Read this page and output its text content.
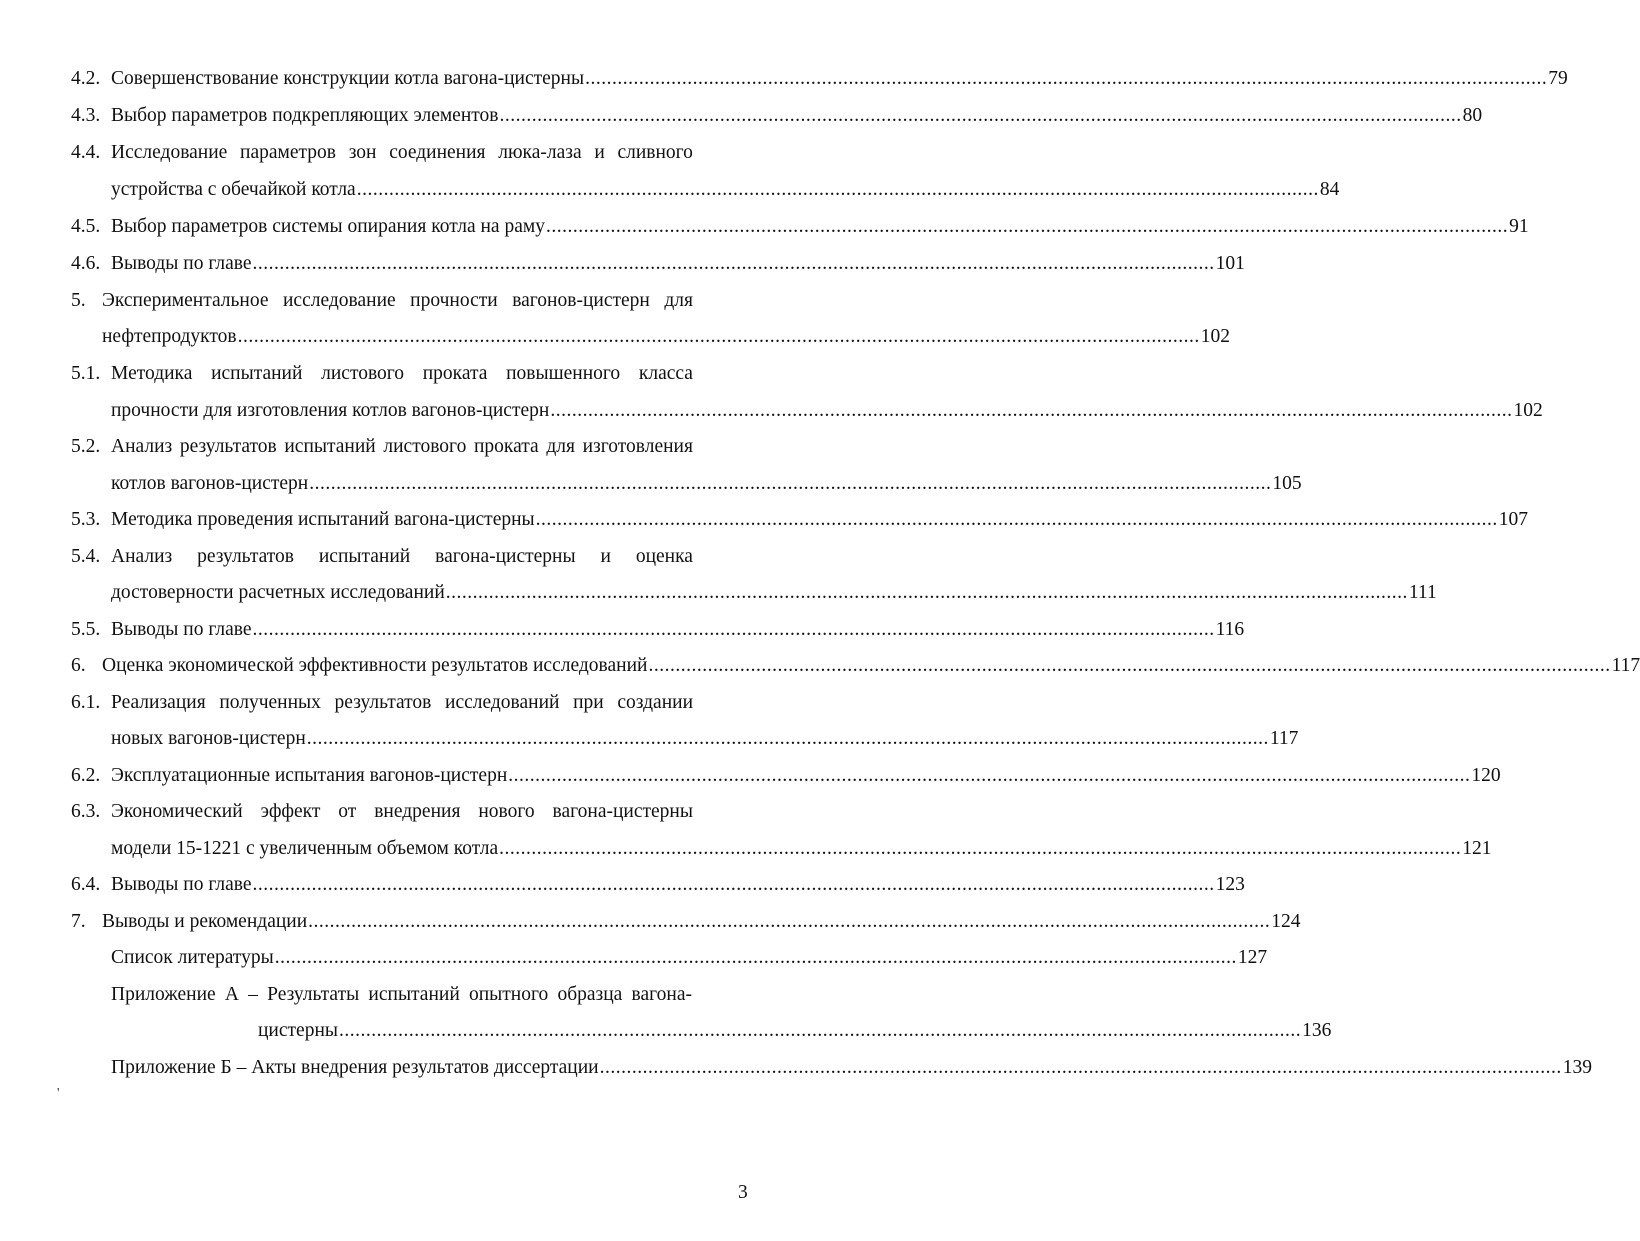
4.2. Совершенствование конструкции котла вагона-цистерны ................................................................................................................................................................................... 79
4.3. Выбор параметров подкрепляющих элементов ................................................................................................................................................................................... 80
4.4. Исследование параметров зон соединения люка-лаза и сливного
устройства с обечайкой котла ................................................................................................................................................................................... 84
4.5. Выбор параметров системы опирания котла на раму ................................................................................................................................................................................... 91
4.6. Выводы по главе ................................................................................................................................................................................... 101
5. Экспериментальное исследование прочности вагонов-цистерн для
нефтепродуктов ................................................................................................................................................................................... 102
5.1. Методика испытаний листового проката повышенного класса
прочности для изготовления котлов вагонов-цистерн ................................................................................................................................................................................... 102
5.2. Анализ результатов испытаний листового проката для изготовления
котлов вагонов-цистерн ................................................................................................................................................................................... 105
5.3. Методика проведения испытаний вагона-цистерны ................................................................................................................................................................................... 107
5.4. Анализ результатов испытаний вагона-цистерны и оценка
достоверности расчетных исследований ................................................................................................................................................................................... 111
5.5. Выводы по главе ................................................................................................................................................................................... 116
6. Оценка экономической эффективности результатов исследований ................................................................................................................................................................................... 117
6.1. Реализация полученных результатов исследований при создании
новых вагонов-цистерн ................................................................................................................................................................................... 117
6.2. Эксплуатационные испытания вагонов-цистерн ................................................................................................................................................................................... 120
6.3. Экономический эффект от внедрения нового вагона-цистерны
модели 15-1221 с увеличенным объемом котла ................................................................................................................................................................................... 121
6.4. Выводы по главе ................................................................................................................................................................................... 123
7. Выводы и рекомендации ................................................................................................................................................................................... 124
Список литературы ................................................................................................................................................................................... 127
Приложение А – Результаты испытаний опытного образца вагона-
цистерны ................................................................................................................................................................................... 136
Приложение Б – Акты внедрения результатов диссертации ................................................................................................................................................................................... 139
'
3
